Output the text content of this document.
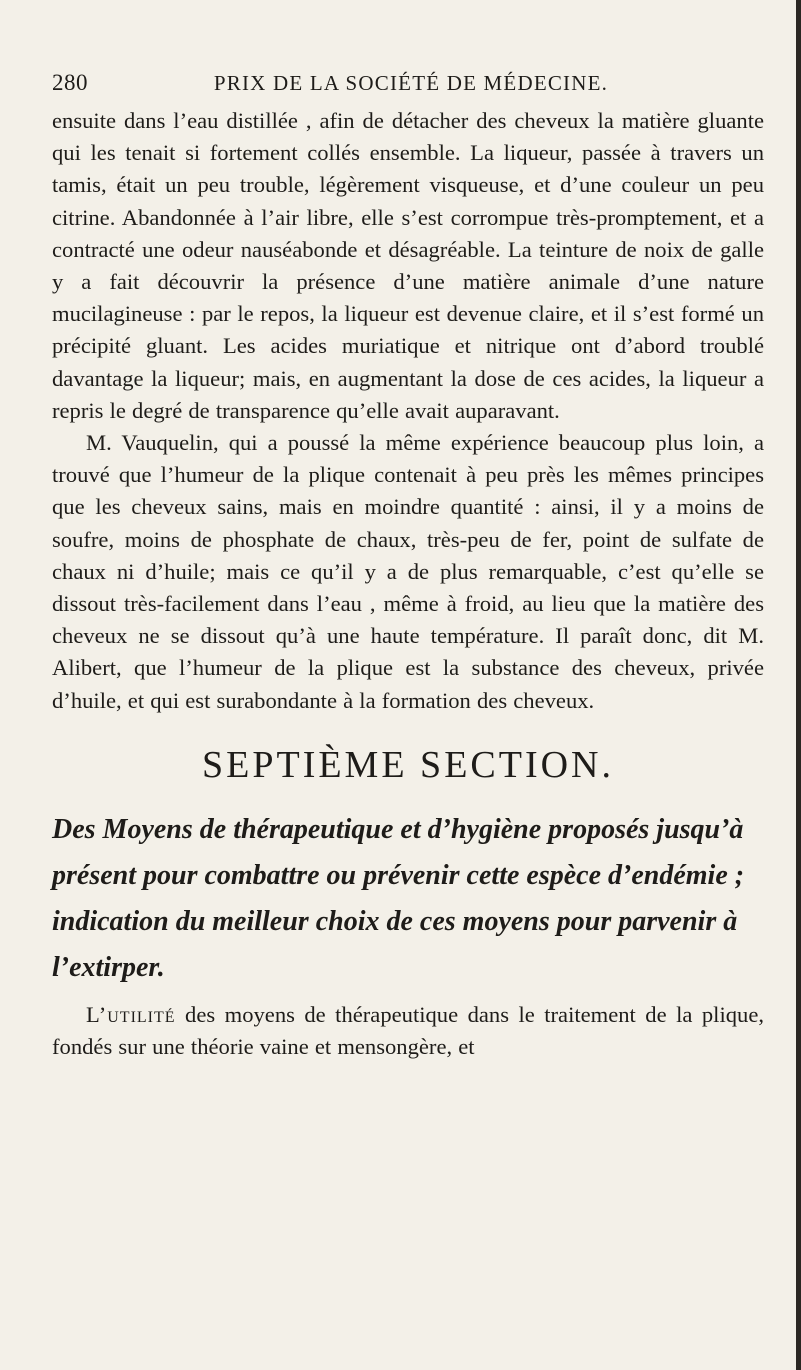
280	PRIX DE LA SOCIÉTÉ DE MÉDECINE.

ensuite dans l’eau distillée , afin de détacher des cheveux la matière gluante qui les tenait si fortement collés ensemble. La liqueur, passée à travers un tamis, était un peu trouble, légèrement visqueuse, et d’une couleur un peu citrine. Abandonnée à l’air libre, elle s’est corrompue très-promptement, et a contracté une odeur nauséabonde et désagréable. La teinture de noix de galle y a fait découvrir la présence d’une matière animale d’une nature mucilagineuse : par le repos, la liqueur est devenue claire, et il s’est formé un précipité gluant. Les acides muriatique et nitrique ont d’abord troublé davantage la liqueur; mais, en augmentant la dose de ces acides, la liqueur a repris le degré de transparence qu’elle avait auparavant.

M. Vauquelin, qui a poussé la même expérience beaucoup plus loin, a trouvé que l’humeur de la plique contenait à peu près les mêmes principes que les cheveux sains, mais en moindre quantité : ainsi, il y a moins de soufre, moins de phosphate de chaux, très-peu de fer, point de sulfate de chaux ni d’huile; mais ce qu’il y a de plus remarquable, c’est qu’elle se dissout très-facilement dans l’eau , même à froid, au lieu que la matière des cheveux ne se dissout qu’à une haute température. Il paraît donc, dit M. Alibert, que l’humeur de la plique est la substance des cheveux, privée d’huile, et qui est surabondante à la formation des cheveux.

SEPTIÈME SECTION.

Des Moyens de thérapeutique et d’hygiène proposés jusqu’à présent pour combattre ou prévenir cette espèce d’endémie ; indication du meilleur choix de ces moyens pour parvenir à l’extirper.

L’utilité des moyens de thérapeutique dans le traitement de la plique, fondés sur une théorie vaine et mensongère, et
